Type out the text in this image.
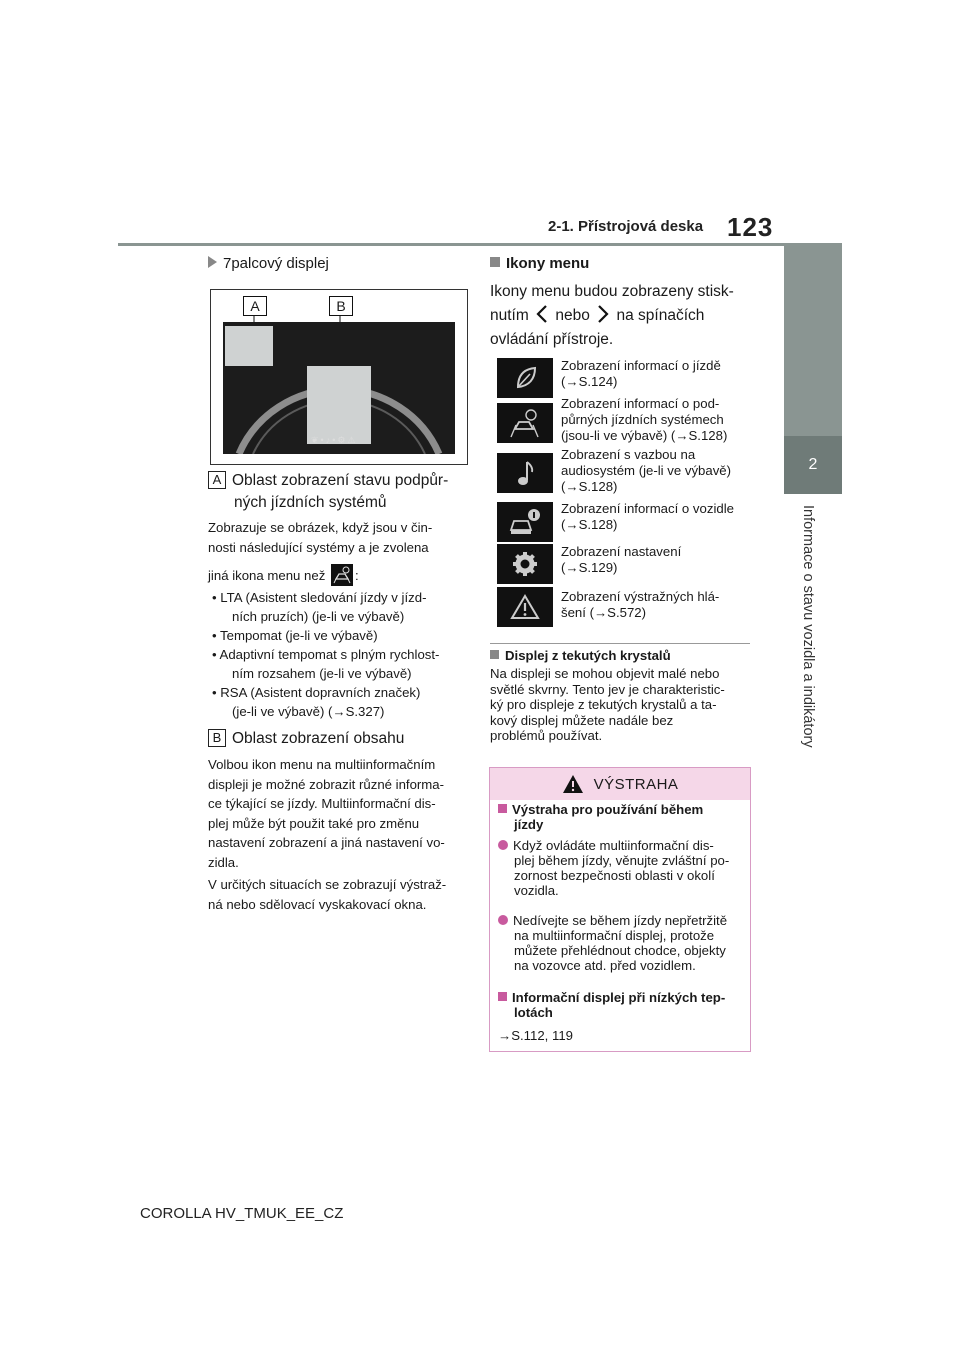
2-1. Přístrojová deska 123
2
Informace o stavu vozidla a indikátory
7palcový displej
A	B
❦•♪•⚙⚠
A Oblast zobrazení stavu podpůr-
ných jízdních systémů
Zobrazuje se obrázek, když jsou v čin-
nosti následující systémy a je zvolena
jiná ikona menu než :
• LTA (Asistent sledování jízdy v jízd-
ních pruzích) (je-li ve výbavě)
• Tempomat (je-li ve výbavě)
• Adaptivní tempomat s plným rychlost-
ním rozsahem (je-li ve výbavě)
• RSA (Asistent dopravních značek)
(je-li ve výbavě) (→S.327)
B Oblast zobrazení obsahu
Volbou ikon menu na multiinformačním
displeji je možné zobrazit různé informa-
ce týkající se jízdy. Multiinformační dis-
plej může být použit také pro změnu
nastavení zobrazení a jiná nastavení vo-
zidla.
V určitých situacích se zobrazují výstraž-
ná nebo sdělovací vyskakovací okna.
Ikony menu
Ikony menu budou zobrazeny stisk-
nutím nebo na spínačích
ovládání přístroje.
Zobrazení informací o jízdě
(→S.124)
Zobrazení informací o pod-
půrných jízdních systémech
(jsou-li ve výbavě) (→S.128)
Zobrazení s vazbou na
audiosystém (je-li ve výbavě)
(→S.128)
Zobrazení informací o vozidle
(→S.128)
Zobrazení nastavení
(→S.129)
Zobrazení výstražných hlá-
šení (→S.572)
Displej z tekutých krystalů
Na displeji se mohou objevit malé nebo
světlé skvrny. Tento jev je charakteristic-
ký pro displeje z tekutých krystalů a ta-
kový displej můžete nadále bez
problémů používat.
VÝSTRAHA
Výstraha pro používání během
jízdy
Když ovládáte multiinformační dis-
plej během jízdy, věnujte zvláštní po-
zornost bezpečnosti oblasti v okolí
vozidla.
Nedívejte se během jízdy nepřetržitě
na multiinformační displej, protože
můžete přehlédnout chodce, objekty
na vozovce atd. před vozidlem.
Informační displej při nízkých tep-
lotách
→S.112, 119
COROLLA HV_TMUK_EE_CZ
